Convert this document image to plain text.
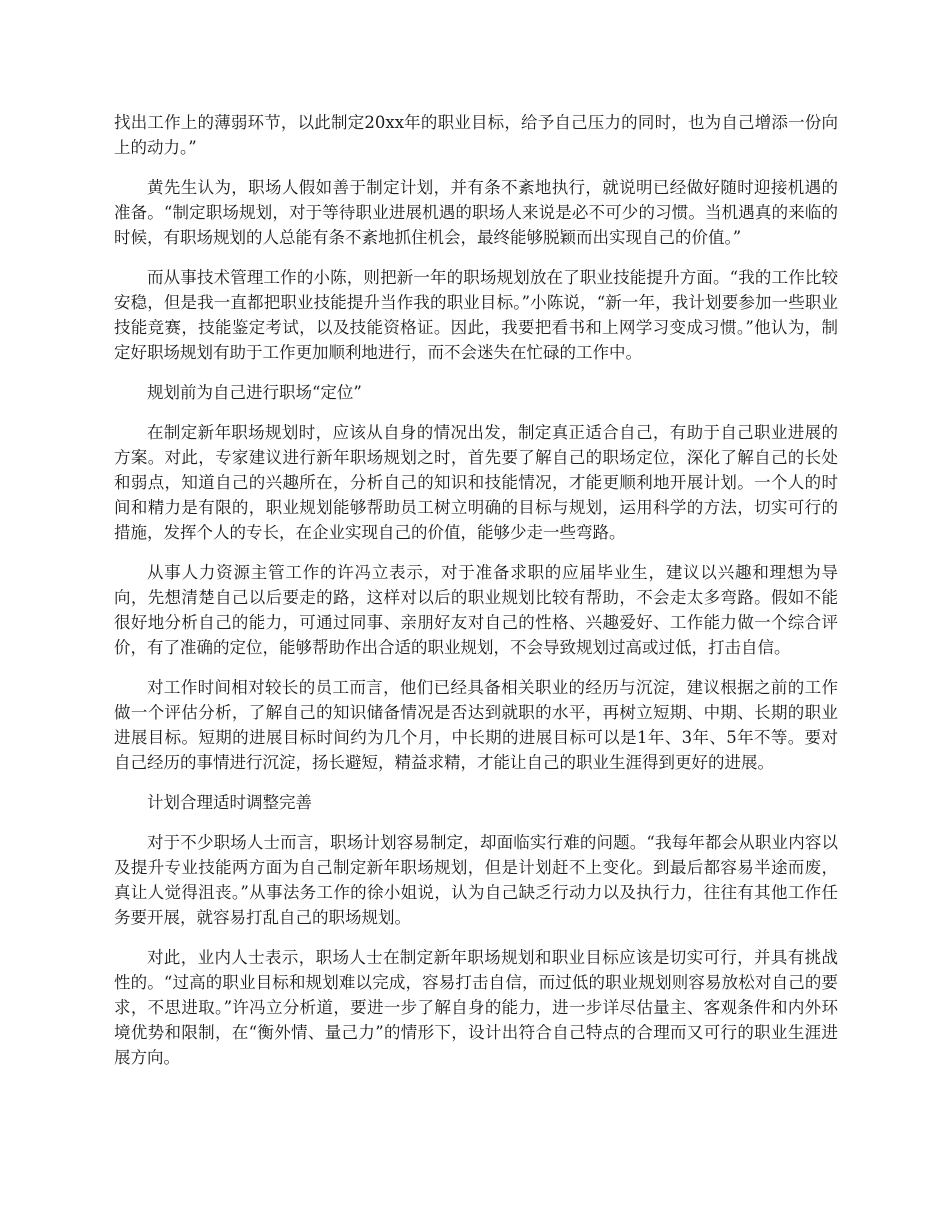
找出工作上的薄弱环节，以此制定20xx年的职业目标，给予自己压力的同时，也为自己增添一份向上的动力。”

黄先生认为，职场人假如善于制定计划，并有条不紊地执行，就说明已经做好随时迎接机遇的准备。“制定职场规划，对于等待职业进展机遇的职场人来说是必不可少的习惯。当机遇真的来临的时候，有职场规划的人总能有条不紊地抓住机会，最终能够脱颖而出实现自己的价值。”

而从事技术管理工作的小陈，则把新一年的职场规划放在了职业技能提升方面。“我的工作比较安稳，但是我一直都把职业技能提升当作我的职业目标。”小陈说，“新一年，我计划要参加一些职业技能竞赛，技能鉴定考试，以及技能资格证。因此，我要把看书和上网学习变成习惯。”他认为，制定好职场规划有助于工作更加顺利地进行，而不会迷失在忙碌的工作中。

规划前为自己进行职场“定位”

在制定新年职场规划时，应该从自身的情况出发，制定真正适合自己，有助于自己职业进展的方案。对此，专家建议进行新年职场规划之时，首先要了解自己的职场定位，深化了解自己的长处和弱点，知道自己的兴趣所在，分析自己的知识和技能情况，才能更顺利地开展计划。一个人的时间和精力是有限的，职业规划能够帮助员工树立明确的目标与规划，运用科学的方法，切实可行的措施，发挥个人的专长，在企业实现自己的价值，能够少走一些弯路。

从事人力资源主管工作的许冯立表示，对于准备求职的应届毕业生，建议以兴趣和理想为导向，先想清楚自己以后要走的路，这样对以后的职业规划比较有帮助，不会走太多弯路。假如不能很好地分析自己的能力，可通过同事、亲朋好友对自己的性格、兴趣爱好、工作能力做一个综合评价，有了准确的定位，能够帮助作出合适的职业规划，不会导致规划过高或过低，打击自信。

对工作时间相对较长的员工而言，他们已经具备相关职业的经历与沉淀，建议根据之前的工作做一个评估分析，了解自己的知识储备情况是否达到就职的水平，再树立短期、中期、长期的职业进展目标。短期的进展目标时间约为几个月，中长期的进展目标可以是1年、3年、5年不等。要对自己经历的事情进行沉淀，扬长避短，精益求精，才能让自己的职业生涯得到更好的进展。

计划合理适时调整完善

对于不少职场人士而言，职场计划容易制定，却面临实行难的问题。“我每年都会从职业内容以及提升专业技能两方面为自己制定新年职场规划，但是计划赶不上变化。到最后都容易半途而废，真让人觉得沮丧。”从事法务工作的徐小姐说，认为自己缺乏行动力以及执行力，往往有其他工作任务要开展，就容易打乱自己的职场规划。

对此，业内人士表示，职场人士在制定新年职场规划和职业目标应该是切实可行，并具有挑战性的。“过高的职业目标和规划难以完成，容易打击自信，而过低的职业规划则容易放松对自己的要求，不思进取。”许冯立分析道，要进一步了解自身的能力，进一步详尽估量主、客观条件和内外环境优势和限制，在“衡外情、量己力”的情形下，设计出符合自己特点的合理而又可行的职业生涯进展方向。
